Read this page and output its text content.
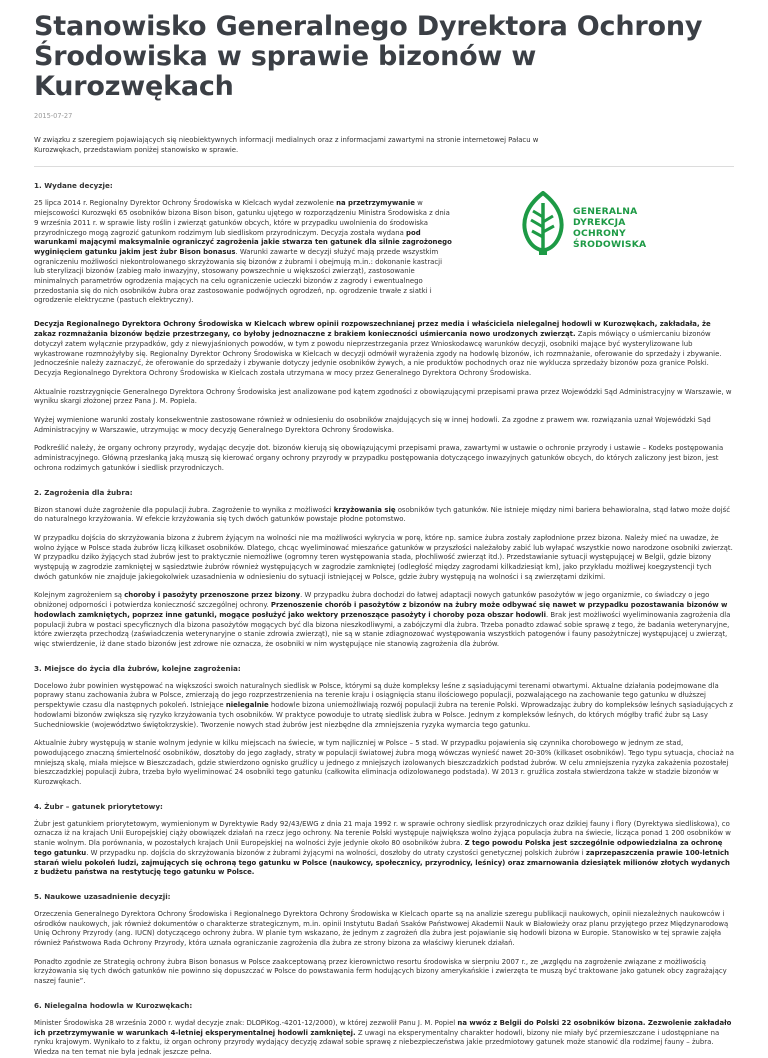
Stanowisko Generalnego Dyrektora Ochrony Środowiska w sprawie bizonów w Kurozwękach
2015-07-27

W związku z szeregiem pojawiających się nieobiektywnych informacji medialnych oraz z informacjami zawartymi na stronie internetowej Pałacu w Kurozwękach, przedstawiam poniżej stanowisko w sprawie.

1. Wydane decyzje:

25 lipca 2014 r. Regionalny Dyrektor Ochrony Środowiska w Kielcach wydał zezwolenie na przetrzymywanie w miejscowości Kurozwęki 65 osobników bizona Bison bison, gatunku ujętego w rozporządzeniu Ministra Środowiska z dnia 9 września 2011 r. w sprawie listy roślin i zwierząt gatunków obcych, które w przypadku uwolnienia do środowiska przyrodniczego mogą zagrozić gatunkom rodzimym lub siedliskom przyrodniczym. Decyzja została wydana pod warunkami mającymi maksymalnie ograniczyć zagrożenia jakie stwarza ten gatunek dla silnie zagrożonego wyginięciem gatunku jakim jest żubr Bison bonasus. Warunki zawarte w decyzji służyć mają przede wszystkim ograniczeniu możliwości niekontrolowanego skrzyżowania się bizonów z żubrami i obejmują m.in.: dokonanie kastracji lub sterylizacji bizonów (zabieg mało inwazyjny, stosowany powszechnie u większości zwierząt), zastosowanie minimalnych parametrów ogrodzenia mających na celu ograniczenie ucieczki bizonów z zagrody i ewentualnego przedostania się do nich osobników żubra oraz zastosowanie podwójnych ogrodzeń, np. ogrodzenie trwałe z siatki i ogrodzenie elektryczne (pastuch elektryczny).

GENERALNA
DYREKCJA
OCHRONY
ŚRODOWISKA

Decyzja Regionalnego Dyrektora Ochrony Środowiska w Kielcach wbrew opinii rozpowszechnianej przez media i właściciela nielegalnej hodowli w Kurozwękach, zakładała, że zakaz rozmnażania bizonów będzie przestrzegany, co byłoby jednoznaczne z brakiem konieczności uśmiercania nowo urodzonych zwierząt. Zapis mówiący o uśmiercaniu bizonów dotyczył zatem wyłącznie przypadków, gdy z niewyjaśnionych powodów, w tym z powodu nieprzestrzegania przez Wnioskodawcę warunków decyzji, osobniki mające być wysterylizowane lub wykastrowane rozmnożyłyby się. Regionalny Dyrektor Ochrony Środowiska w Kielcach w decyzji odmówił wyrażenia zgody na hodowlę bizonów, ich rozmnażanie, oferowanie do sprzedaży i zbywanie. Jednocześnie należy zaznaczyć, że oferowanie do sprzedaży i zbywanie dotyczy jedynie osobników żywych, a nie produktów pochodnych oraz nie wyklucza sprzedaży bizonów poza granice Polski. Decyzja Regionalnego Dyrektora Ochrony Środowiska w Kielcach została utrzymana w mocy przez Generalnego Dyrektora Ochrony Środowiska.

Aktualnie rozstrzygnięcie Generalnego Dyrektora Ochrony Środowiska jest analizowane pod kątem zgodności z obowiązującymi przepisami prawa przez Wojewódzki Sąd Administracyjny w Warszawie, w wyniku skargi złożonej przez Pana J. M. Popiela.

Wyżej wymienione warunki zostały konsekwentnie zastosowane również w odniesieniu do osobników znajdujących się w innej hodowli. Za zgodne z prawem ww. rozwiązania uznał Wojewódzki Sąd Administracyjny w Warszawie, utrzymując w mocy decyzję Generalnego Dyrektora Ochrony Środowiska.

Podkreślić należy, że organy ochrony przyrody, wydając decyzje dot. bizonów kierują się obowiązującymi przepisami prawa, zawartymi w ustawie o ochronie przyrody i ustawie – Kodeks postępowania administracyjnego. Główną przesłanką jaką muszą się kierować organy ochrony przyrody w przypadku postępowania dotyczącego inwazyjnych gatunków obcych, do których zaliczony jest bizon, jest ochrona rodzimych gatunków i siedlisk przyrodniczych.

2. Zagrożenia dla żubra:

Bizon stanowi duże zagrożenie dla populacji żubra. Zagrożenie to wynika z możliwości krzyżowania się osobników tych gatunków. Nie istnieje między nimi bariera behawioralna, stąd łatwo może dojść do naturalnego krzyżowania. W efekcie krzyżowania się tych dwóch gatunków powstaje płodne potomstwo.

W przypadku dojścia do skrzyżowania bizona z żubrem żyjącym na wolności nie ma możliwości wykrycia w porę, które np. samice żubra zostały zapłodnione przez bizona. Należy mieć na uwadze, że wolno żyjące w Polsce stada żubrów liczą kilkaset osobników. Dlatego, chcąc wyeliminować mieszańce gatunków w przyszłości należałoby zabić lub wyłapać wszystkie nowo narodzone osobniki zwierząt. W przypadku dziko żyjących stad żubrów jest to praktycznie niemożliwe (ogromny teren występowania stada, płochliwość zwierząt itd.). Przedstawianie sytuacji występującej w Belgii, gdzie bizony występują w zagrodzie zamkniętej w sąsiedztwie żubrów również występujących w zagrodzie zamkniętej (odległość między zagrodami kilkadziesiąt km), jako przykładu możliwej koegzystencji tych dwóch gatunków nie znajduje jakiegokolwiek uzasadnienia w odniesieniu do sytuacji istniejącej w Polsce, gdzie żubry występują na wolności i są zwierzętami dzikimi.

Kolejnym zagrożeniem są choroby i pasożyty przenoszone przez bizony. W przypadku żubra dochodzi do łatwej adaptacji nowych gatunków pasożytów w jego organizmie, co świadczy o jego obniżonej odporności i potwierdza konieczność szczególnej ochrony. Przenoszenie chorób i pasożytów z bizonów na żubry może odbywać się nawet w przypadku pozostawania bizonów w hodowlach zamkniętych, poprzez inne gatunki, mogące posłużyć jako wektory przenoszące pasożyty i choroby poza obszar hodowli. Brak jest możliwości wyeliminowania zagrożenia dla populacji żubra w postaci specyficznych dla bizona pasożytów mogących być dla bizona nieszkodliwymi, a zabójczymi dla żubra. Trzeba ponadto zdawać sobie sprawę z tego, że badania weterynaryjne, które zwierzęta przechodzą (zaświadczenia weterynaryjne o stanie zdrowia zwierząt), nie są w stanie zdiagnozować występowania wszystkich patogenów i fauny pasożytniczej występującej u zwierząt, więc stwierdzenie, iż dane stado bizonów jest zdrowe nie oznacza, że osobniki w nim występujące nie stanowią zagrożenia dla żubrów.

3. Miejsce do życia dla żubrów, kolejne zagrożenia:

Docelowo żubr powinien występować na większości swoich naturalnych siedlisk w Polsce, którymi są duże kompleksy leśne z sąsiadującymi terenami otwartymi. Aktualne działania podejmowane dla poprawy stanu zachowania żubra w Polsce, zmierzają do jego rozprzestrzenienia na terenie kraju i osiągnięcia stanu ilościowego populacji, pozwalającego na zachowanie tego gatunku w dłuższej perspektywie czasu dla następnych pokoleń. Istniejące nielegalnie hodowle bizona uniemożliwiają rozwój populacji żubra na terenie Polski. Wprowadzając żubry do kompleksów leśnych sąsiadujących z hodowlami bizonów zwiększa się ryzyko krzyżowania tych osobników. W praktyce powoduje to utratę siedlisk żubra w Polsce. Jednym z kompleksów leśnych, do których mógłby trafić żubr są Lasy Suchedniowskie (województwo świętokrzyskie). Tworzenie nowych stad żubrów jest niezbędne dla zmniejszenia ryzyka wymarcia tego gatunku.

Aktualnie żubry występują w stanie wolnym jedynie w kilku miejscach na świecie, w tym najliczniej w Polsce – 5 stad. W przypadku pojawienia się czynnika chorobowego w jednym ze stad, powodującego znaczną śmiertelność osobników, dosztoby do jego zagłady, straty w populacji światowej żubra mogą wówczas wynieść nawet 20-30% (kilkaset osobników). Tego typu sytuacja, chociaż na mniejszą skalę, miała miejsce w Bieszczadach, gdzie stwierdzono ognisko gruźlicy u jednego z mniejszych izolowanych bieszczadzkich podstad żubrów. W celu zmniejszenia ryzyka zakażenia pozostałej bieszczadzkiej populacji żubra, trzeba było wyeliminować 24 osobniki tego gatunku (całkowita eliminacja odizolowanego podstada). W 2013 r. gruźlica została stwierdzona także w stadzie bizonów w Kurozwękach.

4. Żubr – gatunek priorytetowy:

Żubr jest gatunkiem priorytetowym, wymienionym w Dyrektywie Rady 92/43/EWG z dnia 21 maja 1992 r. w sprawie ochrony siedlisk przyrodniczych oraz dzikiej fauny i flory (Dyrektywa siedliskowa), co oznacza iż na krajach Unii Europejskiej ciąży obowiązek działań na rzecz jego ochrony. Na terenie Polski występuje największa wolno żyjąca populacja żubra na świecie, licząca ponad 1 200 osobników w stanie wolnym. Dla porównania, w pozostałych krajach Unii Europejskiej na wolności żyje jedynie około 80 osobników żubra. Z tego powodu Polska jest szczególnie odpowiedzialna za ochronę tego gatunku. W przypadku np. dojścia do skrzyżowania bizonów z żubrami żyjącymi na wolności, doszłoby do utraty czystości genetycznej polskich żubrów i zaprzepaszczenia prawie 100-letnich starań wielu pokoleń ludzi, zajmujących się ochroną tego gatunku w Polsce (naukowcy, społecznicy, przyrodnicy, leśnicy) oraz zmarnowania dziesiątek milionów złotych wydanych z budżetu państwa na restytucję tego gatunku w Polsce.

5. Naukowe uzasadnienie decyzji:

Orzeczenia Generalnego Dyrektora Ochrony Środowiska i Regionalnego Dyrektora Ochrony Środowiska w Kielcach oparte są na analizie szeregu publikacji naukowych, opinii niezależnych naukowców i ośrodków naukowych, jak również dokumentów o charakterze strategicznym, m.in. opinii Instytutu Badań Ssaków Państwowej Akademii Nauk w Białowieży oraz planu przyjętego przez Międzynarodową Unię Ochrony Przyrody (ang. IUCN) dotyczącego ochrony żubra. W planie tym wskazano, że jednym z zagrożeń dla żubra jest pojawianie się hodowli bizona w Europie. Stanowisko w tej sprawie zajęła również Państwowa Rada Ochrony Przyrody, która uznała ograniczanie zagrożenia dla żubra ze strony bizona za właściwy kierunek działań.

Ponadto zgodnie ze Strategią ochrony żubra Bison bonasus w Polsce zaakceptowaną przez kierownictwo resortu środowiska w sierpniu 2007 r., ze „względu na zagrożenie związane z możliwością krzyżowania się tych dwóch gatunków nie powinno się dopuszczać w Polsce do powstawania ferm hodujących bizony amerykańskie i zwierzęta te muszą być traktowane jako gatunek obcy zagrażający naszej faunie”.

6. Nielegalna hodowla w Kurozwękach:

Minister Środowiska 28 września 2000 r. wydał decyzje znak: DLOPiKog.-4201-12/2000), w której zezwolił Panu J. M. Popiel na wwóz z Belgii do Polski 22 osobników bizona. Zezwolenie zakładało ich przetrzymywanie w warunkach 4-letniej eksperymentalnej hodowli zamkniętej. Z uwagi na eksperymentalny charakter hodowli, bizony nie miały być przemieszczane i udostępniane na rynku krajowym. Wynikało to z faktu, iż organ ochrony przyrody wydający decyzję zdawał sobie sprawę z niebezpieczeństwa jakie przedmiotowy gatunek może stanowić dla rodzimej fauny – żubra. Wiedza na ten temat nie była jednak jeszcze pełna.
